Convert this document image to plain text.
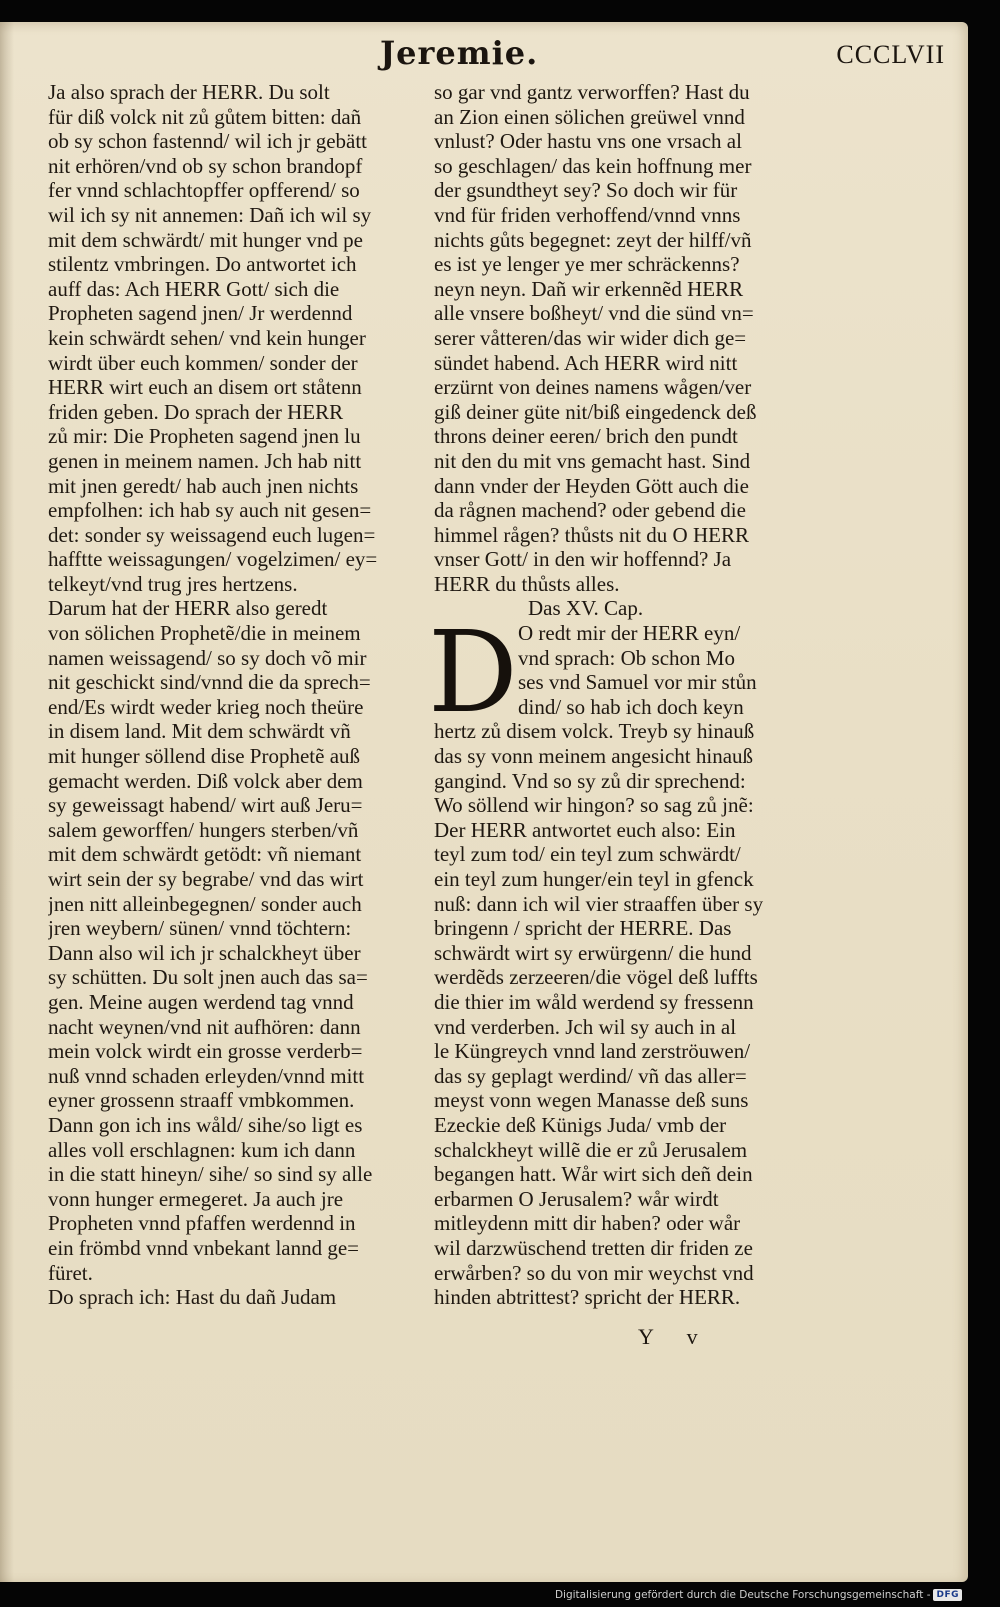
Jeremie.	CCCLVII
Ja also sprach der HERR. Du solt
für diß volck nit zů gůtem bitten: dañ
ob sy schon fastennd/ wil ich jr gebätt
nit erhören/vnd ob sy schon brandopf
fer vnnd schlachtopffer opfferend/ so
wil ich sy nit annemen: Dañ ich wil sy
mit dem schwärdt/ mit hunger vnd pe
stilentz vmbringen. Do antwortet ich
auff das: Ach HERR Gott/ sich die
Propheten sagend jnen/ Jr werdennd
kein schwärdt sehen/ vnd kein hunger
wirdt über euch kommen/ sonder der
HERR wirt euch an disem ort ståtenn
friden geben. Do sprach der HERR
zů mir: Die Propheten sagend jnen lu
genen in meinem namen. Jch hab nitt
mit jnen geredt/ hab auch jnen nichts
empfolhen: ich hab sy auch nit gesen=
det: sonder sy weissagend euch lugen=
hafftte weissagungen/ vogelzimen/ ey=
telkeyt/vnd trug jres hertzens.
Darum hat der HERR also geredt
von sölichen Prophetẽ/die in meinem
namen weissagend/ so sy doch võ mir
nit geschickt sind/vnnd die da sprech=
end/Es wirdt weder krieg noch theüre
in disem land. Mit dem schwärdt vñ
mit hunger söllend dise Prophetẽ auß
gemacht werden. Diß volck aber dem
sy geweissagt habend/ wirt auß Jeru=
salem geworffen/ hungers sterben/vñ
mit dem schwärdt getödt: vñ niemant
wirt sein der sy begrabe/ vnd das wirt
jnen nitt alleinbegegnen/ sonder auch
jren weybern/ sünen/ vnnd töchtern:
Dann also wil ich jr schalckheyt über
sy schütten. Du solt jnen auch das sa=
gen. Meine augen werdend tag vnnd
nacht weynen/vnd nit aufhören: dann
mein volck wirdt ein grosse verderb=
nuß vnnd schaden erleyden/vnnd mitt
eyner grossenn straaff vmbkommen.
Dann gon ich ins wåld/ sihe/so ligt es
alles voll erschlagnen: kum ich dann
in die statt hineyn/ sihe/ so sind sy alle
vonn hunger ermegeret. Ja auch jre
Propheten vnnd pfaffen werdennd in
ein frömbd vnnd vnbekant lannd ge=
füret.
Do sprach ich: Hast du dañ Judam
so gar vnd gantz verworffen? Hast du
an Zion einen sölichen greüwel vnnd
vnlust? Oder hastu vns one vrsach al
so geschlagen/ das kein hoffnung mer
der gsundtheyt sey? So doch wir für
vnd für friden verhoffend/vnnd vnns
nichts gůts begegnet: zeyt der hilff/vñ
es ist ye lenger ye mer schräckenns?
neyn neyn. Dañ wir erkennẽd HERR
alle vnsere boßheyt/ vnd die sünd vn=
serer våtteren/das wir wider dich ge=
sündet habend. Ach HERR wird nitt
erzürnt von deines namens wågen/ver
giß deiner güte nit/biß eingedenck deß
throns deiner eeren/ brich den pundt
nit den du mit vns gemacht hast. Sind
dann vnder der Heyden Gött auch die
da rågnen machend? oder gebend die
himmel rågen? thůsts nit du O HERR
vnser Gott/ in den wir hoffennd? Ja
HERR du thůsts alles.
Das XV. Cap.
D O redt mir der HERR eyn/
vnd sprach: Ob schon Mo
ses vnd Samuel vor mir stůn
dind/ so hab ich doch keyn
hertz zů disem volck. Treyb sy hinauß
das sy vonn meinem angesicht hinauß
gangind. Vnd so sy zů dir sprechend:
Wo söllend wir hingon? so sag zů jnẽ:
Der HERR antwortet euch also: Ein
teyl zum tod/ ein teyl zum schwärdt/
ein teyl zum hunger/ein teyl in gfenck
nuß: dann ich wil vier straaffen über sy
bringenn / spricht der HERRE. Das
schwärdt wirt sy erwürgenn/ die hund
werdẽds zerzeeren/die vögel deß luffts
die thier im wåld werdend sy fressenn
vnd verderben. Jch wil sy auch in al
le Küngreych vnnd land zerströuwen/
das sy geplagt werdind/ vñ das aller=
meyst vonn wegen Manasse deß suns
Ezeckie deß Künigs Juda/ vmb der
schalckheyt willẽ die er zů Jerusalem
begangen hatt. Wår wirt sich deñ dein
erbarmen O Jerusalem? wår wirdt
mitleydenn mitt dir haben? oder wår
wil darzwüschend tretten dir friden ze
erwårben? so du von mir weychst vnd
hinden abtrittest? spricht der HERR.
Y v
Digitalisierung gefördert durch die Deutsche Forschungsgemeinschaft - DFG
